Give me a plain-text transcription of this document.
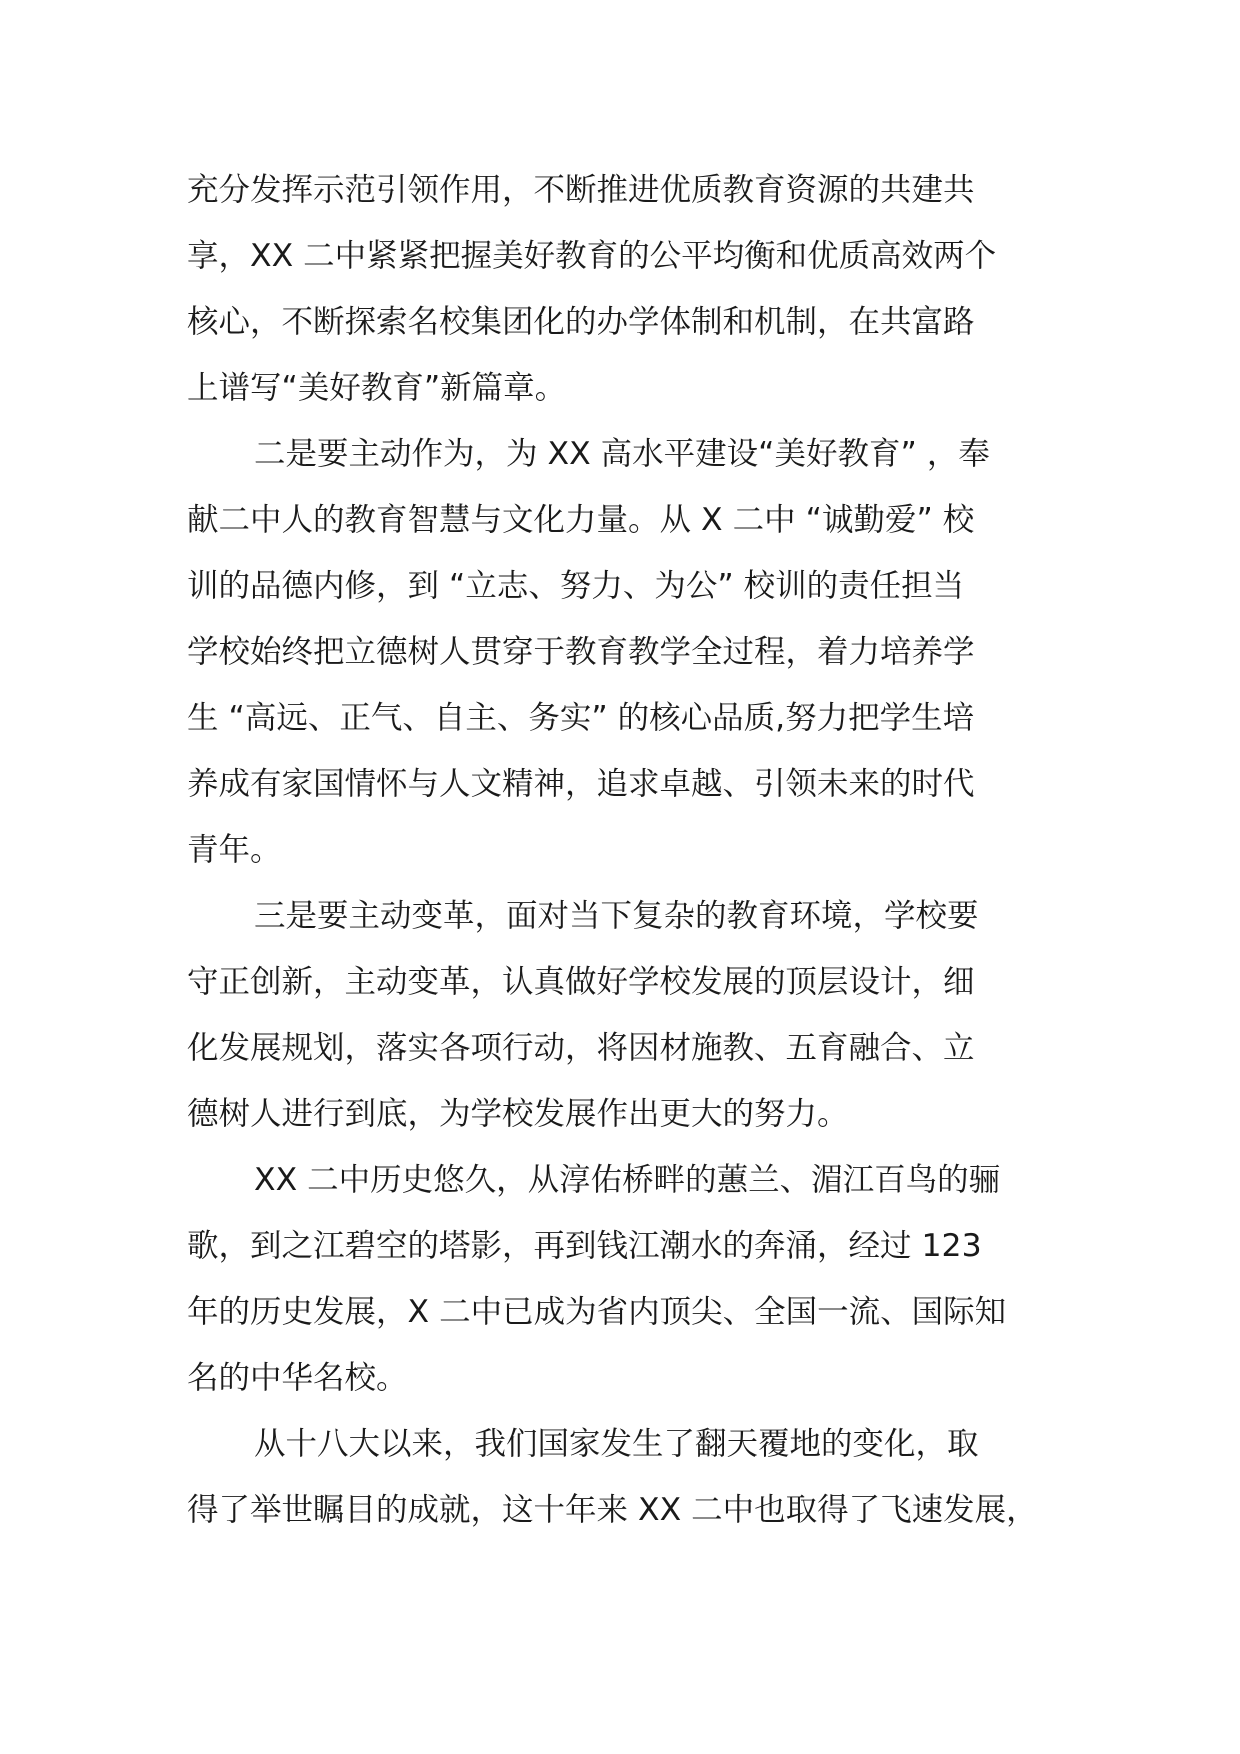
充分发挥示范引领作用，不断推进优质教育资源的共建共
享，XX 二中紧紧把握美好教育的公平均衡和优质高效两个
核心，不断探索名校集团化的办学体制和机制，在共富路
上谱写“美好教育”新篇章。
二是要主动作为，为 XX 高水平建设“美好教育” ，奉
献二中人的教育智慧与文化力量。从 X 二中 “诚勤爱” 校
训的品德内修，到 “立志、努力、为公” 校训的责任担当
学校始终把立德树人贯穿于教育教学全过程，着力培养学
生 “高远、正气、自主、务实” 的核心品质,努力把学生培
养成有家国情怀与人文精神，追求卓越、引领未来的时代
青年。
三是要主动变革，面对当下复杂的教育环境，学校要
守正创新，主动变革，认真做好学校发展的顶层设计，细
化发展规划，落实各项行动，将因材施教、五育融合、立
德树人进行到底，为学校发展作出更大的努力。
XX 二中历史悠久，从淳佑桥畔的蕙兰、湄江百鸟的骊
歌，到之江碧空的塔影，再到钱江潮水的奔涌，经过 123
年的历史发展，X 二中已成为省内顶尖、全国一流、国际知
名的中华名校。
从十八大以来，我们国家发生了翻天覆地的变化，取
得了举世瞩目的成就，这十年来 XX 二中也取得了飞速发展，
